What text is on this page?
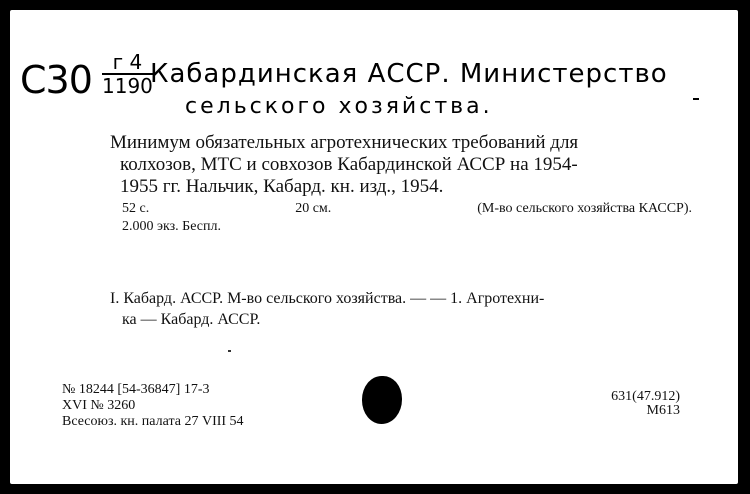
С30	г 4
1190
Кабардинская АССР. Министерство
сельского хозяйства.
Минимум обязательных агротехнических требований для
колхозов, МТС и совхозов Кабардинской АССР на 1954-
1955 гг. Нальчик, Кабард. кн. изд., 1954.
52 с.	20 см.	(М-во сельского хозяйства КАССР).
2.000 экз. Беспл.
I. Кабард. АССР. М-во сельского хозяйства. — — 1. Агротехни-
ка — Кабард. АССР.
№ 18244 [54-36847] 17-3
XVI № 3260
Всесоюз. кн. палата 27 VIII 54
631(47.912)
М613
